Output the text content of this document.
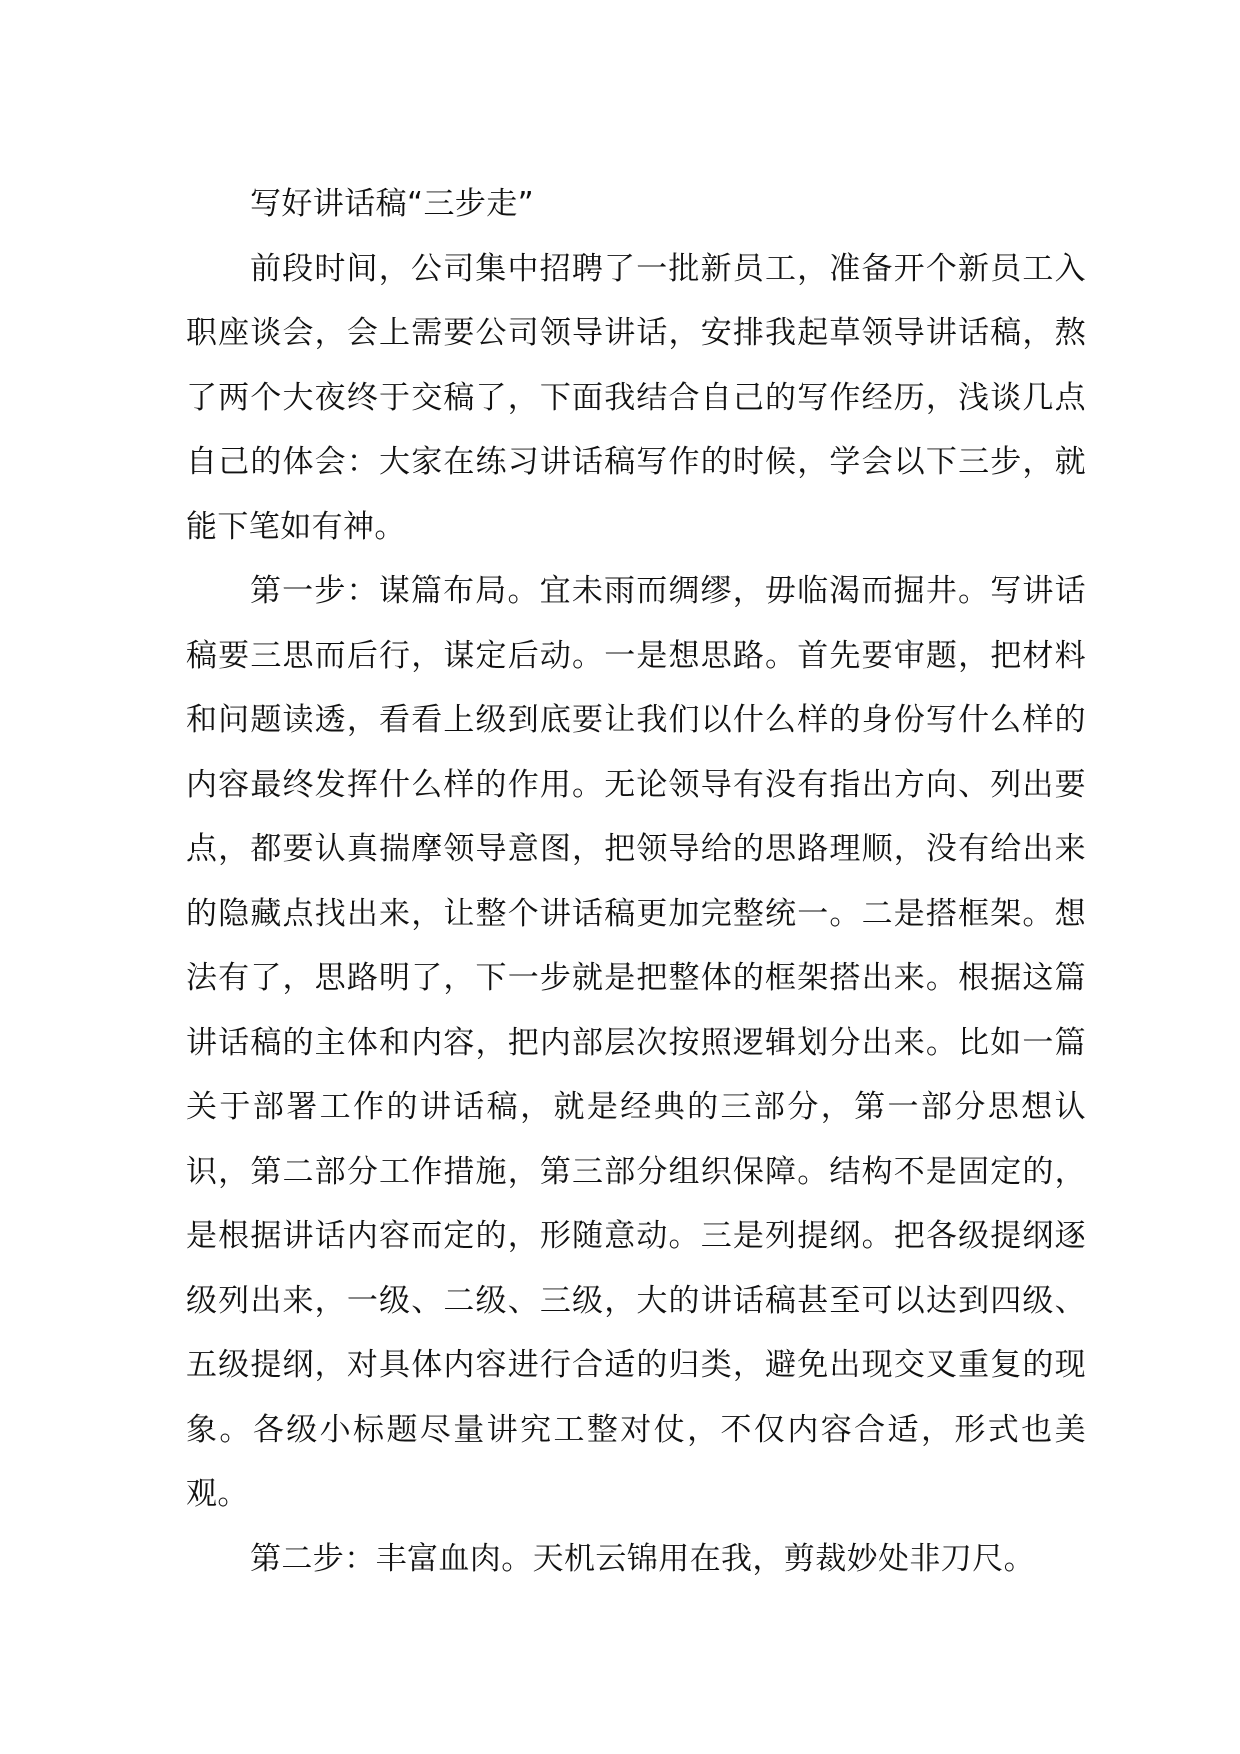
写好讲话稿“三步走”

前段时间，公司集中招聘了一批新员工，准备开个新员工入职座谈会，会上需要公司领导讲话，安排我起草领导讲话稿，熬了两个大夜终于交稿了，下面我结合自己的写作经历，浅谈几点自己的体会：大家在练习讲话稿写作的时候，学会以下三步，就能下笔如有神。

第一步：谋篇布局。宜未雨而绸缪，毋临渴而掘井。写讲话稿要三思而后行，谋定后动。一是想思路。首先要审题，把材料和问题读透，看看上级到底要让我们以什么样的身份写什么样的内容最终发挥什么样的作用。无论领导有没有指出方向、列出要点，都要认真揣摩领导意图，把领导给的思路理顺，没有给出来的隐藏点找出来，让整个讲话稿更加完整统一。二是搭框架。想法有了，思路明了，下一步就是把整体的框架搭出来。根据这篇讲话稿的主体和内容，把内部层次按照逻辑划分出来。比如一篇关于部署工作的讲话稿，就是经典的三部分，第一部分思想认识，第二部分工作措施，第三部分组织保障。结构不是固定的，是根据讲话内容而定的，形随意动。三是列提纲。把各级提纲逐级列出来，一级、二级、三级，大的讲话稿甚至可以达到四级、五级提纲，对具体内容进行合适的归类，避免出现交叉重复的现象。各级小标题尽量讲究工整对仗，不仅内容合适，形式也美观。

第二步：丰富血肉。天机云锦用在我，剪裁妙处非刀尺。
